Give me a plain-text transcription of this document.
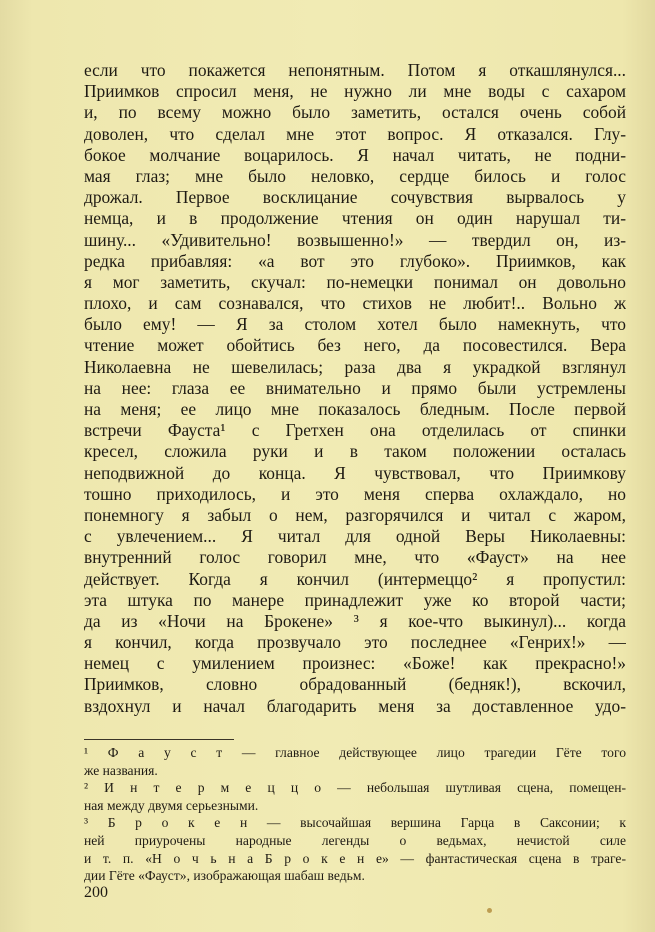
если что покажется непонятным. Потом я откашлянулся...
Приимков спросил меня, не нужно ли мне воды с сахаром
и, по всему можно было заметить, остался очень собой
доволен, что сделал мне этот вопрос. Я отказался. Глу-
бокое молчание воцарилось. Я начал читать, не подни-
мая глаз; мне было неловко, сердце билось и голос
дрожал. Первое восклицание сочувствия вырвалось у
немца, и в продолжение чтения он один нарушал ти-
шину... «Удивительно! возвышенно!» — твердил он, из-
редка прибавляя: «а вот это глубоко». Приимков, как
я мог заметить, скучал: по-немецки понимал он довольно
плохо, и сам сознавался, что стихов не любит!.. Вольно ж
было ему! — Я за столом хотел было намекнуть, что
чтение может обойтись без него, да посовестился. Вера
Николаевна не шевелилась; раза два я украдкой взглянул
на нее: глаза ее внимательно и прямо были устремлены
на меня; ее лицо мне показалось бледным. После первой
встречи Фауста¹ с Гретхен она отделилась от спинки
кресел, сложила руки и в таком положении осталась
неподвижной до конца. Я чувствовал, что Приимкову
тошно приходилось, и это меня сперва охлаждало, но
понемногу я забыл о нем, разгорячился и читал с жаром,
с увлечением... Я читал для одной Веры Николаевны:
внутренний голос говорил мне, что «Фауст» на нее
действует. Когда я кончил (интермеццо² я пропустил:
эта штука по манере принадлежит уже ко второй части;
да из «Ночи на Брокене» ³ я кое-что выкинул)... когда
я кончил, когда прозвучало это последнее «Генрих!» —
немец с умилением произнес: «Боже! как прекрасно!»
Приимков, словно обрадованный (бедняк!), вскочил,
вздохнул и начал благодарить меня за доставленное удо-
¹ Ф а у с т — главное действующее лицо трагедии Гёте того
же названия.
² И н т е р м е ц ц о — небольшая шутливая сцена, помещен-
ная между двумя серьезными.
³ Б р о к е н — высочайшая вершина Гарца в Саксонии; к
ней приурочены народные легенды о ведьмах, нечистой силе
и т. п. «Н о ч ь н а Б р о к е н е» — фантастическая сцена в траге-
дии Гёте «Фауст», изображающая шабаш ведьм.
200
